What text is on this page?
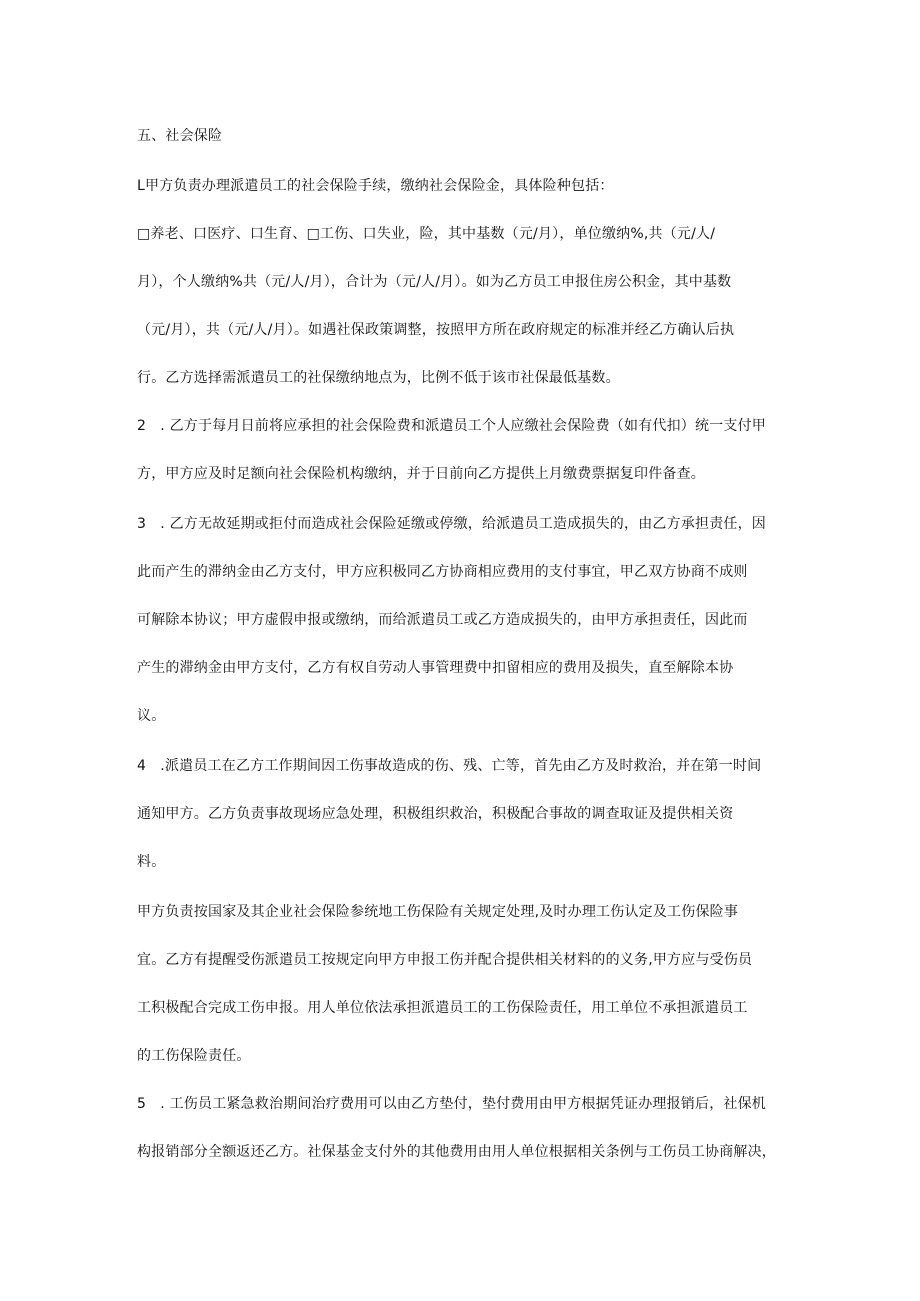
五、社会保险
L甲方负责办理派遣员工的社会保险手续，缴纳社会保险金，具体险种包括：
□养老、口医疗、口生育、□工伤、口失业，险，其中基数（元/月），单位缴纳%,共（元/人/
月），个人缴纳%共（元/人/月），合计为（元/人/月）。如为乙方员工申报住房公积金，其中基数
（元/月），共（元/人/月）。如遇社保政策调整，按照甲方所在政府规定的标准并经乙方确认后执
行。乙方选择需派遣员工的社保缴纳地点为，比例不低于该市社保最低基数。
2　. 乙方于每月日前将应承担的社会保险费和派遣员工个人应缴社会保险费（如有代扣）统一支付甲
方，甲方应及时足额向社会保险机构缴纳，并于日前向乙方提供上月缴费票据复印件备查。
3　. 乙方无故延期或拒付而造成社会保险延缴或停缴，给派遣员工造成损失的，由乙方承担责任，因
此而产生的滞纳金由乙方支付，甲方应积极同乙方协商相应费用的支付事宜，甲乙双方协商不成则
可解除本协议；甲方虚假申报或缴纳，而给派遣员工或乙方造成损失的，由甲方承担责任，因此而
产生的滞纳金由甲方支付，乙方有权自劳动人事管理费中扣留相应的费用及损失，直至解除本协
议。
4　.派遣员工在乙方工作期间因工伤事故造成的伤、残、亡等，首先由乙方及时救治，并在第一时间
通知甲方。乙方负责事故现场应急处理，积极组织救治，积极配合事故的调查取证及提供相关资
料。
甲方负责按国家及其企业社会保险参统地工伤保险有关规定处理,及时办理工伤认定及工伤保险事
宜。乙方有提醒受伤派遣员工按规定向甲方申报工伤并配合提供相关材料的的义务,甲方应与受伤员
工积极配合完成工伤申报。用人单位依法承担派遣员工的工伤保险责任，用工单位不承担派遣员工
的工伤保险责任。
5　. 工伤员工紧急救治期间治疗费用可以由乙方垫付，垫付费用由甲方根据凭证办理报销后，社保机
构报销部分全额返还乙方。社保基金支付外的其他费用由用人单位根据相关条例与工伤员工协商解决，
